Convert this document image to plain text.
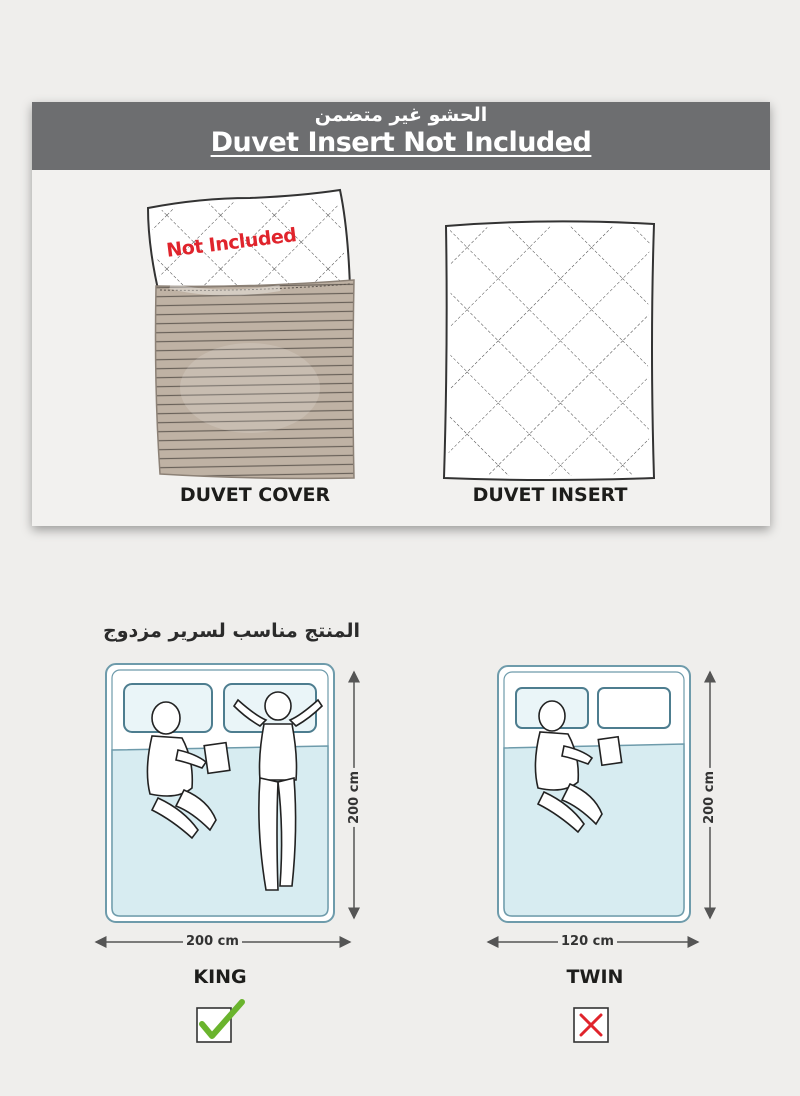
الحشو غير متضمن
Duvet Insert Not Included
Not Included
DUVET COVER	DUVET INSERT
المنتج مناسب لسرير مزدوج
200 cm
200 cm
KING
120 cm
200 cm
TWIN
